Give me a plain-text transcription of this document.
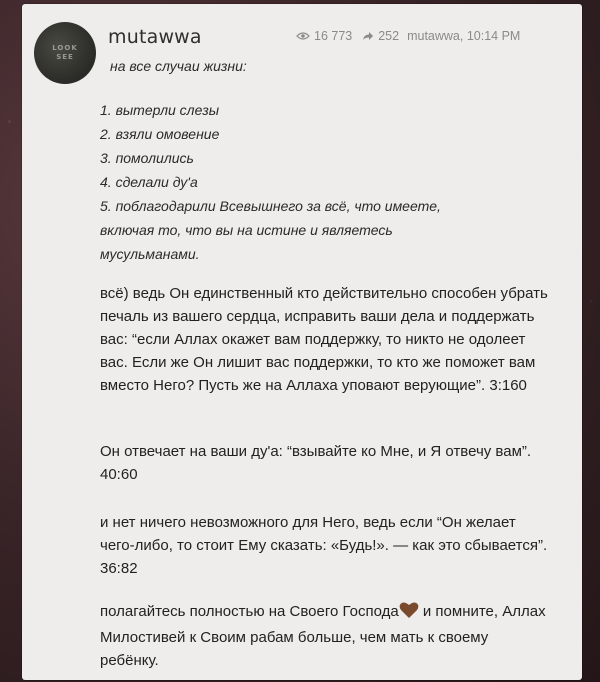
LOOK
SEE
mutawwa	16 773 252 mutawwa, 10:14 PM
на все случаи жизни:
1. вытерли слезы
2. взяли омовение
3. помолились
4. сделали ду'а
5. поблагодарили Всевышнего за всё, что имеете,
включая то, что вы на истине и являетесь
мусульманами.

всё) ведь Он единственный кто действительно способен убрать печаль из вашего сердца, исправить ваши дела и поддержать вас: “если Аллах окажет вам поддержку, то никто не одолеет вас. Если же Он лишит вас поддержки, то кто же поможет вам вместо Него? Пусть же на Аллаха уповают верующие”. 3:160

Он отвечает на ваши ду'а: “взывайте ко Мне, и Я отвечу вам”. 40:60

и нет ничего невозможного для Него, ведь если “Он желает чего-либо, то стоит Ему сказать: «Будь!». — как это сбывается”. 36:82

полагайтесь полностью на Своего Господа и помните, Аллах Милостивей к Своим рабам больше, чем мать к своему ребёнку.
